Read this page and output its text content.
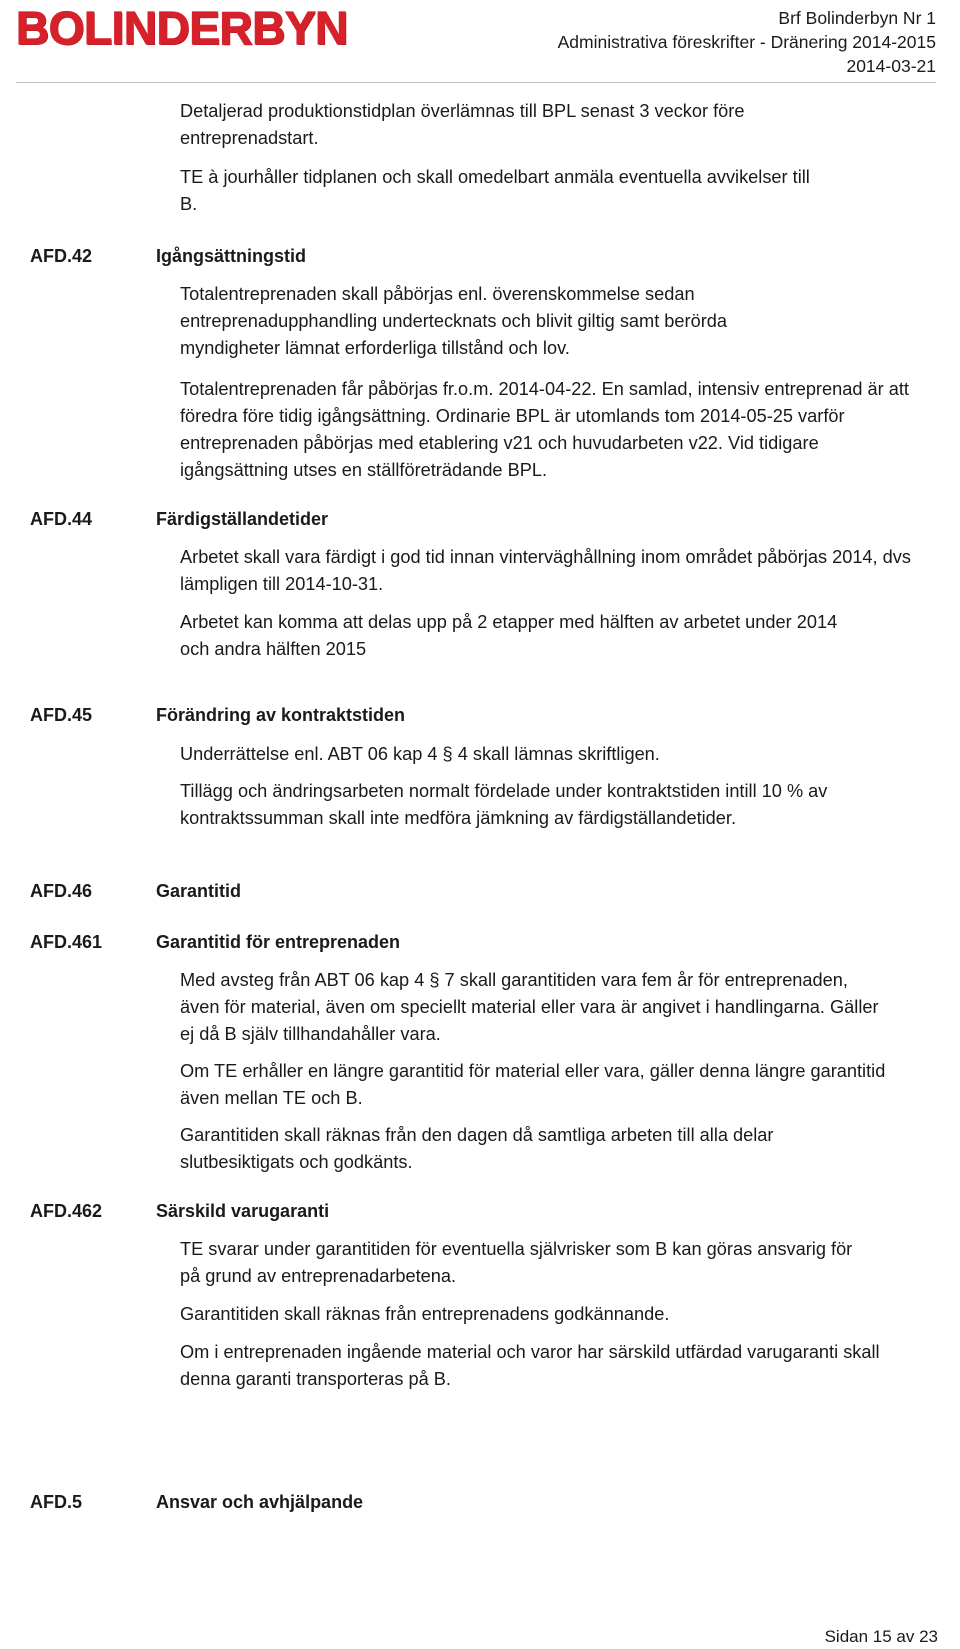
BOLINDERBYN	Brf Bolinderbyn Nr 1
Administrativa föreskrifter - Dränering 2014-2015
2014-03-21
Detaljerad produktionstidplan överlämnas till BPL senast 3 veckor före entreprenadstart.
TE à jourhåller tidplanen och skall omedelbart anmäla eventuella avvikelser till B.
AFD.42	Igångsättningstid
Totalentreprenaden skall påbörjas enl. överenskommelse sedan entreprenadupphandling undertecknats och blivit giltig samt berörda myndigheter lämnat erforderliga tillstånd och lov.
Totalentreprenaden får påbörjas fr.o.m. 2014-04-22. En samlad, intensiv entreprenad är att föredra före tidig igångsättning. Ordinarie BPL är utomlands tom 2014-05-25 varför entreprenaden påbörjas med etablering v21 och huvudarbeten v22. Vid tidigare igångsättning utses en ställföreträdande BPL.
AFD.44	Färdigställandetider
Arbetet skall vara färdigt i god tid innan vinterväghållning inom området påbörjas 2014, dvs lämpligen till 2014-10-31.
Arbetet kan komma att delas upp på 2 etapper med hälften av arbetet under 2014 och andra hälften 2015
AFD.45	Förändring av kontraktstiden
Underrättelse enl. ABT 06 kap 4 § 4 skall lämnas skriftligen.
Tillägg och ändringsarbeten normalt fördelade under kontraktstiden intill 10 % av kontraktssumman skall inte medföra jämkning av färdigställandetider.
AFD.46	Garantitid
AFD.461	Garantitid för entreprenaden
Med avsteg från ABT 06 kap 4 § 7 skall garantitiden vara fem år för entreprenaden, även för material, även om speciellt material eller vara är angivet i handlingarna. Gäller ej då B själv tillhandahåller vara.
Om TE erhåller en längre garantitid för material eller vara, gäller denna längre garantitid även mellan TE och B.
Garantitiden skall räknas från den dagen då samtliga arbeten till alla delar slutbesiktigats och godkänts.
AFD.462	Särskild varugaranti
TE svarar under garantitiden för eventuella självrisker som B kan göras ansvarig för på grund av entreprenadarbetena.
Garantitiden skall räknas från entreprenadens godkännande.
Om i entreprenaden ingående material och varor har särskild utfärdad varugaranti skall denna garanti transporteras på B.
AFD.5	Ansvar och avhjälpande
Sidan 15 av 23
